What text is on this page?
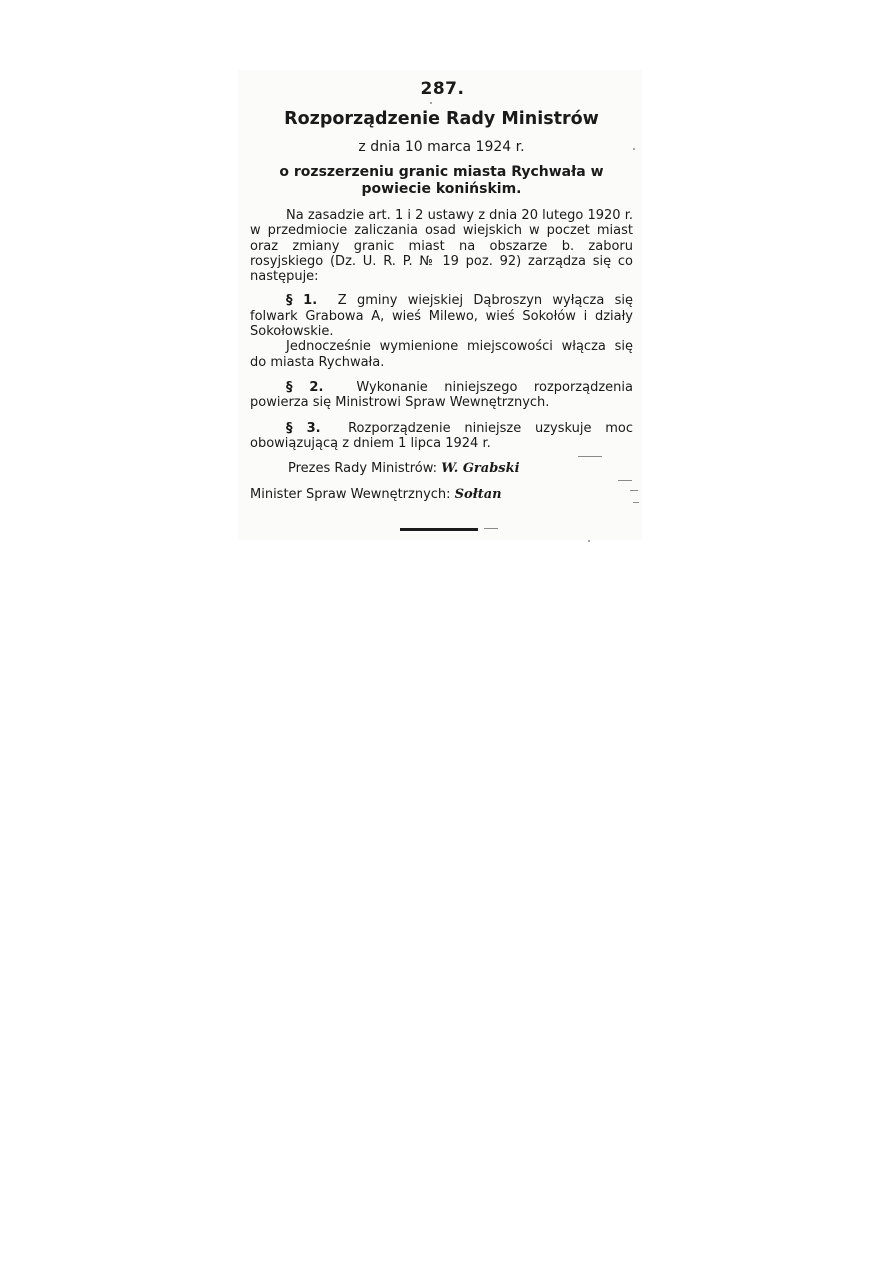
287.
Rozporządzenie Rady Ministrów
z dnia 10 marca 1924 r.
o rozszerzeniu granic miasta Rychwała w powiecie konińskim.

Na zasadzie art. 1 i 2 ustawy z dnia 20 lutego 1920 r. w przedmiocie zaliczania osad wiejskich w poczet miast oraz zmiany granic miast na obszarze b. zaboru rosyjskiego (Dz. U. R. P. № 19 poz. 92) zarządza się co następuje:

§ 1. Z gminy wiejskiej Dąbroszyn wyłącza się folwark Grabowa A, wieś Milewo, wieś Sokołów i działy Sokołowskie.

Jednocześnie wymienione miejscowości włącza się do miasta Rychwała.

§ 2.	Wykonanie niniejszego rozporządzenia powierza się Ministrowi Spraw Wewnętrznych.

§ 3. Rozporządzenie niniejsze uzyskuje moc obowiązującą z dniem 1 lipca 1924 r.

Prezes Rady Ministrów: W. Grabski
Minister Spraw Wewnętrznych: Sołtan
